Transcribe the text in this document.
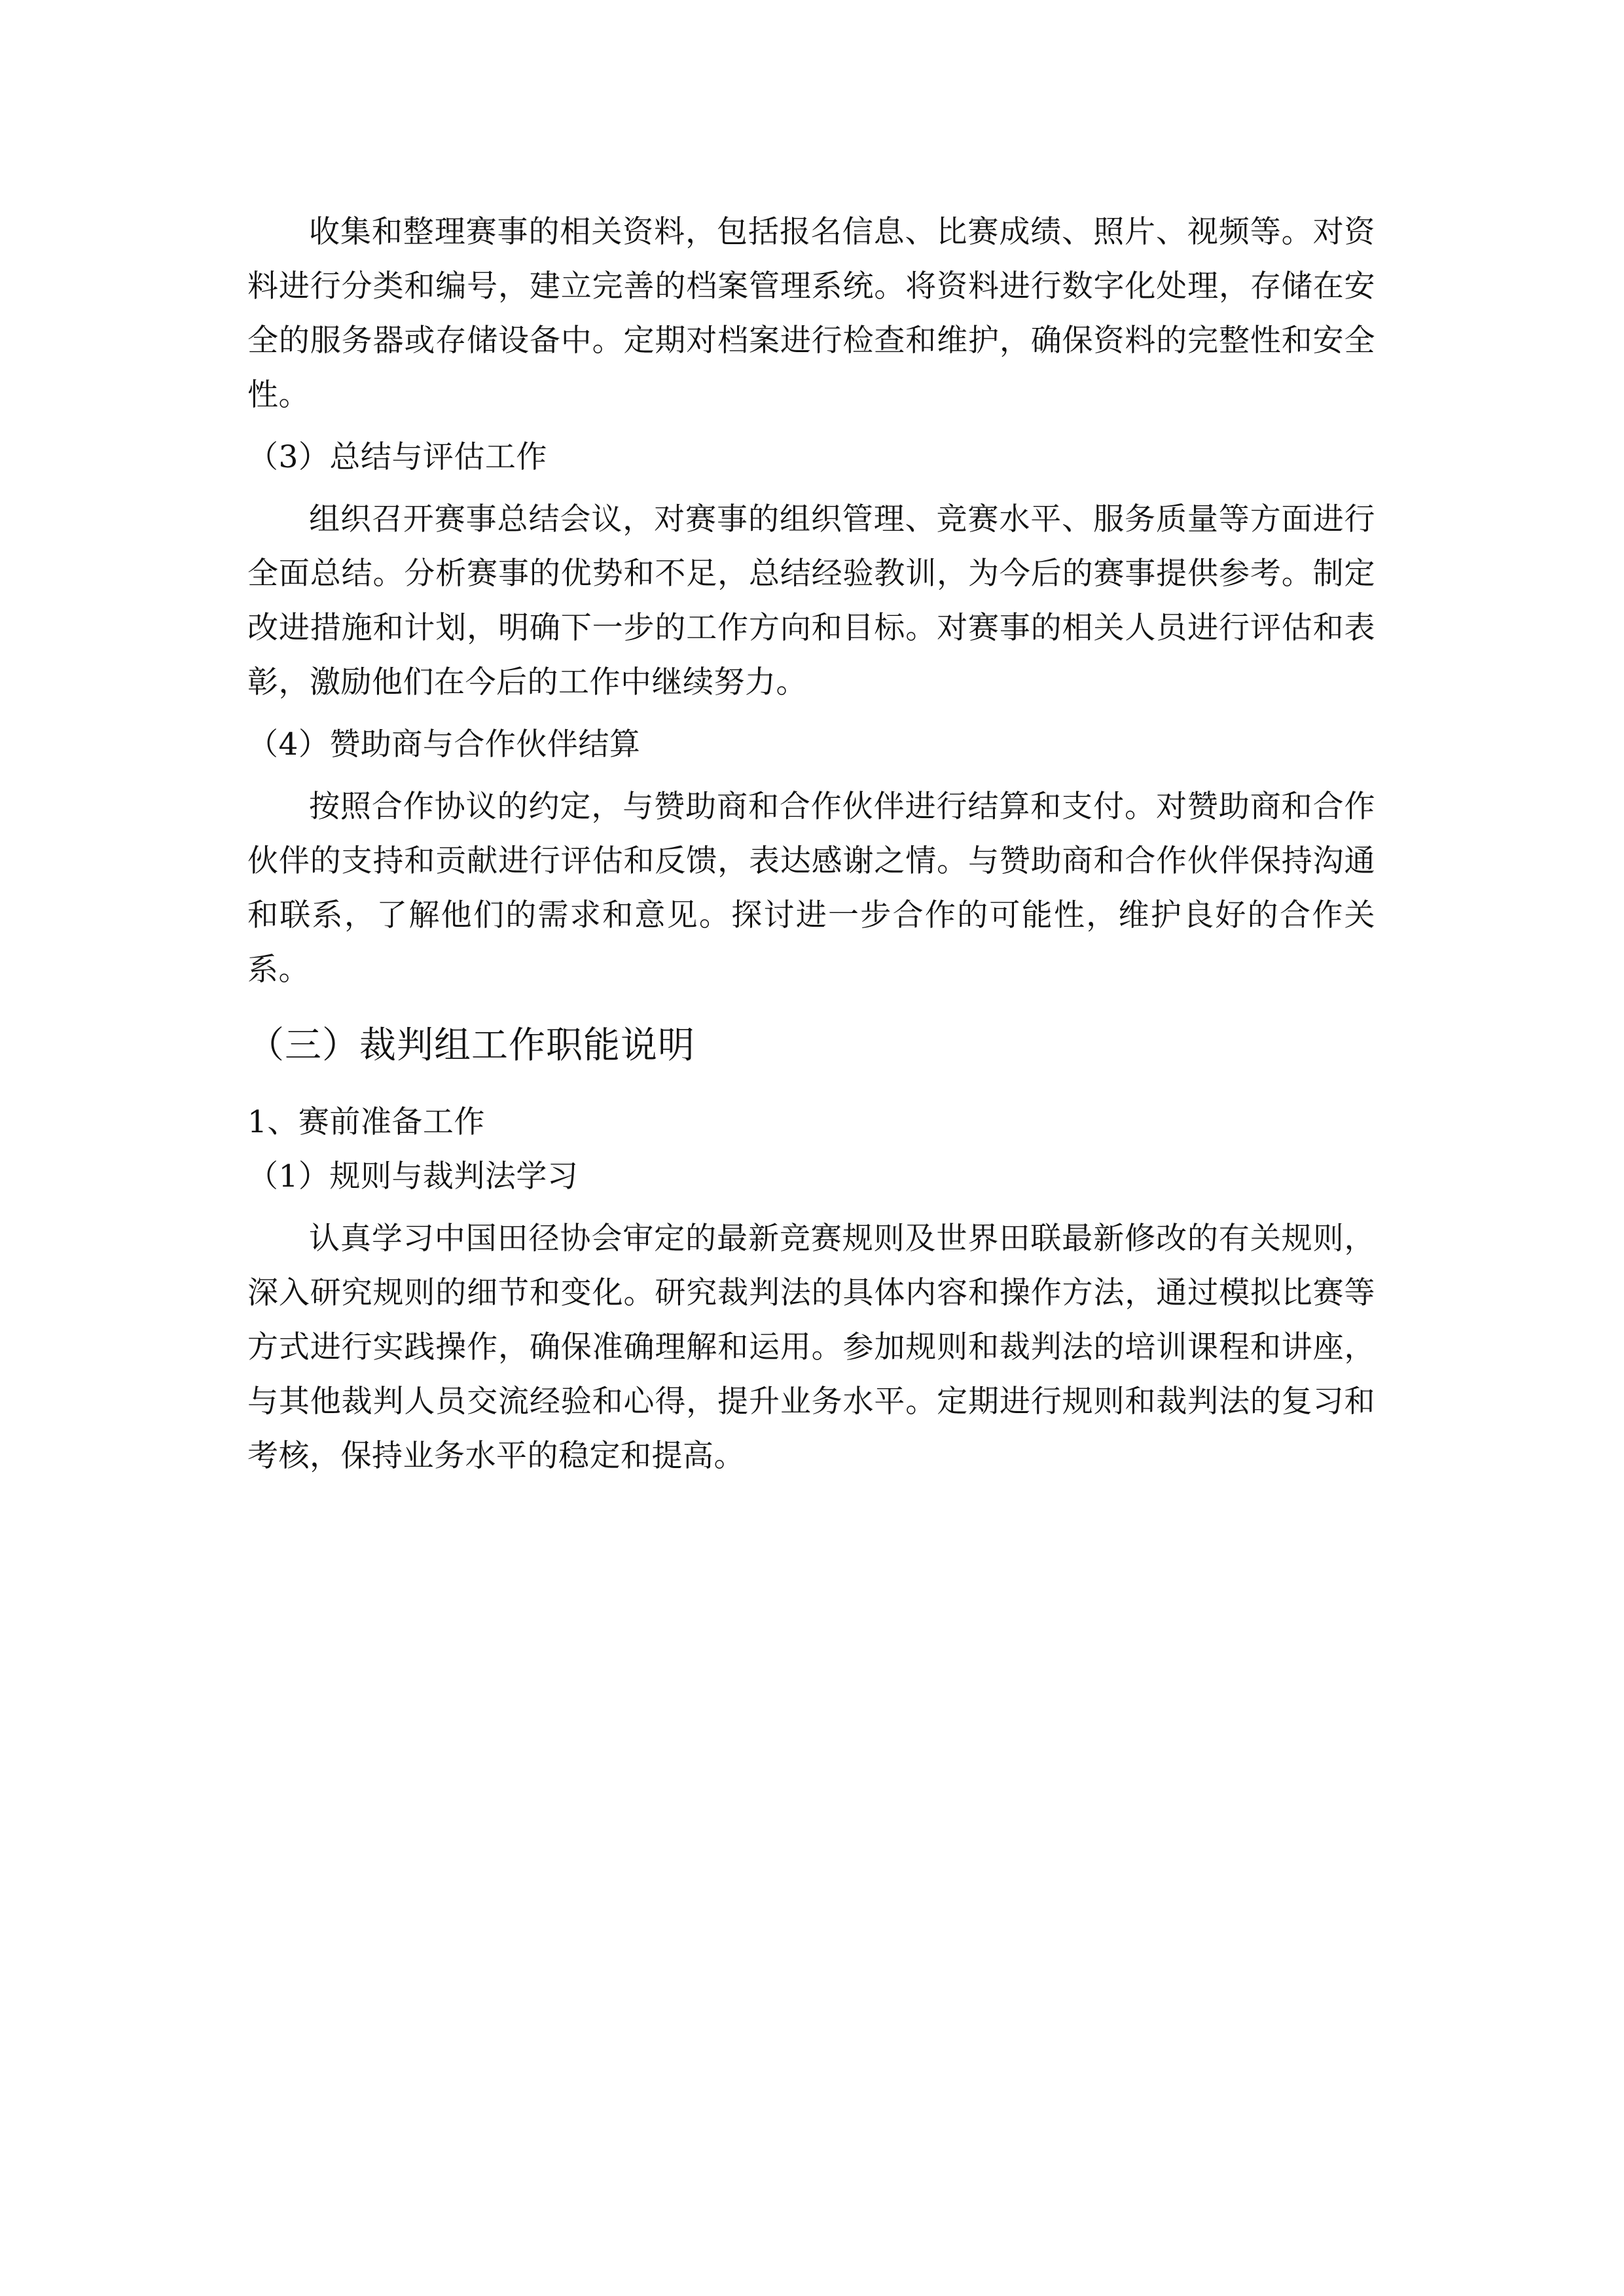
收集和整理赛事的相关资料，包括报名信息、比赛成绩、照片、视频等。对资料进行分类和编号，建立完善的档案管理系统。将资料进行数字化处理，存储在安全的服务器或存储设备中。定期对档案进行检查和维护，确保资料的完整性和安全性。

（3）总结与评估工作

组织召开赛事总结会议，对赛事的组织管理、竞赛水平、服务质量等方面进行全面总结。分析赛事的优势和不足，总结经验教训，为今后的赛事提供参考。制定改进措施和计划，明确下一步的工作方向和目标。对赛事的相关人员进行评估和表彰，激励他们在今后的工作中继续努力。

（4）赞助商与合作伙伴结算

按照合作协议的约定，与赞助商和合作伙伴进行结算和支付。对赞助商和合作伙伴的支持和贡献进行评估和反馈，表达感谢之情。与赞助商和合作伙伴保持沟通和联系，了解他们的需求和意见。探讨进一步合作的可能性，维护良好的合作关系。

（三）裁判组工作职能说明

1、赛前准备工作

（1）规则与裁判法学习

认真学习中国田径协会审定的最新竞赛规则及世界田联最新修改的有关规则，深入研究规则的细节和变化。研究裁判法的具体内容和操作方法，通过模拟比赛等方式进行实践操作，确保准确理解和运用。参加规则和裁判法的培训课程和讲座，与其他裁判人员交流经验和心得，提升业务水平。定期进行规则和裁判法的复习和考核，保持业务水平的稳定和提高。
